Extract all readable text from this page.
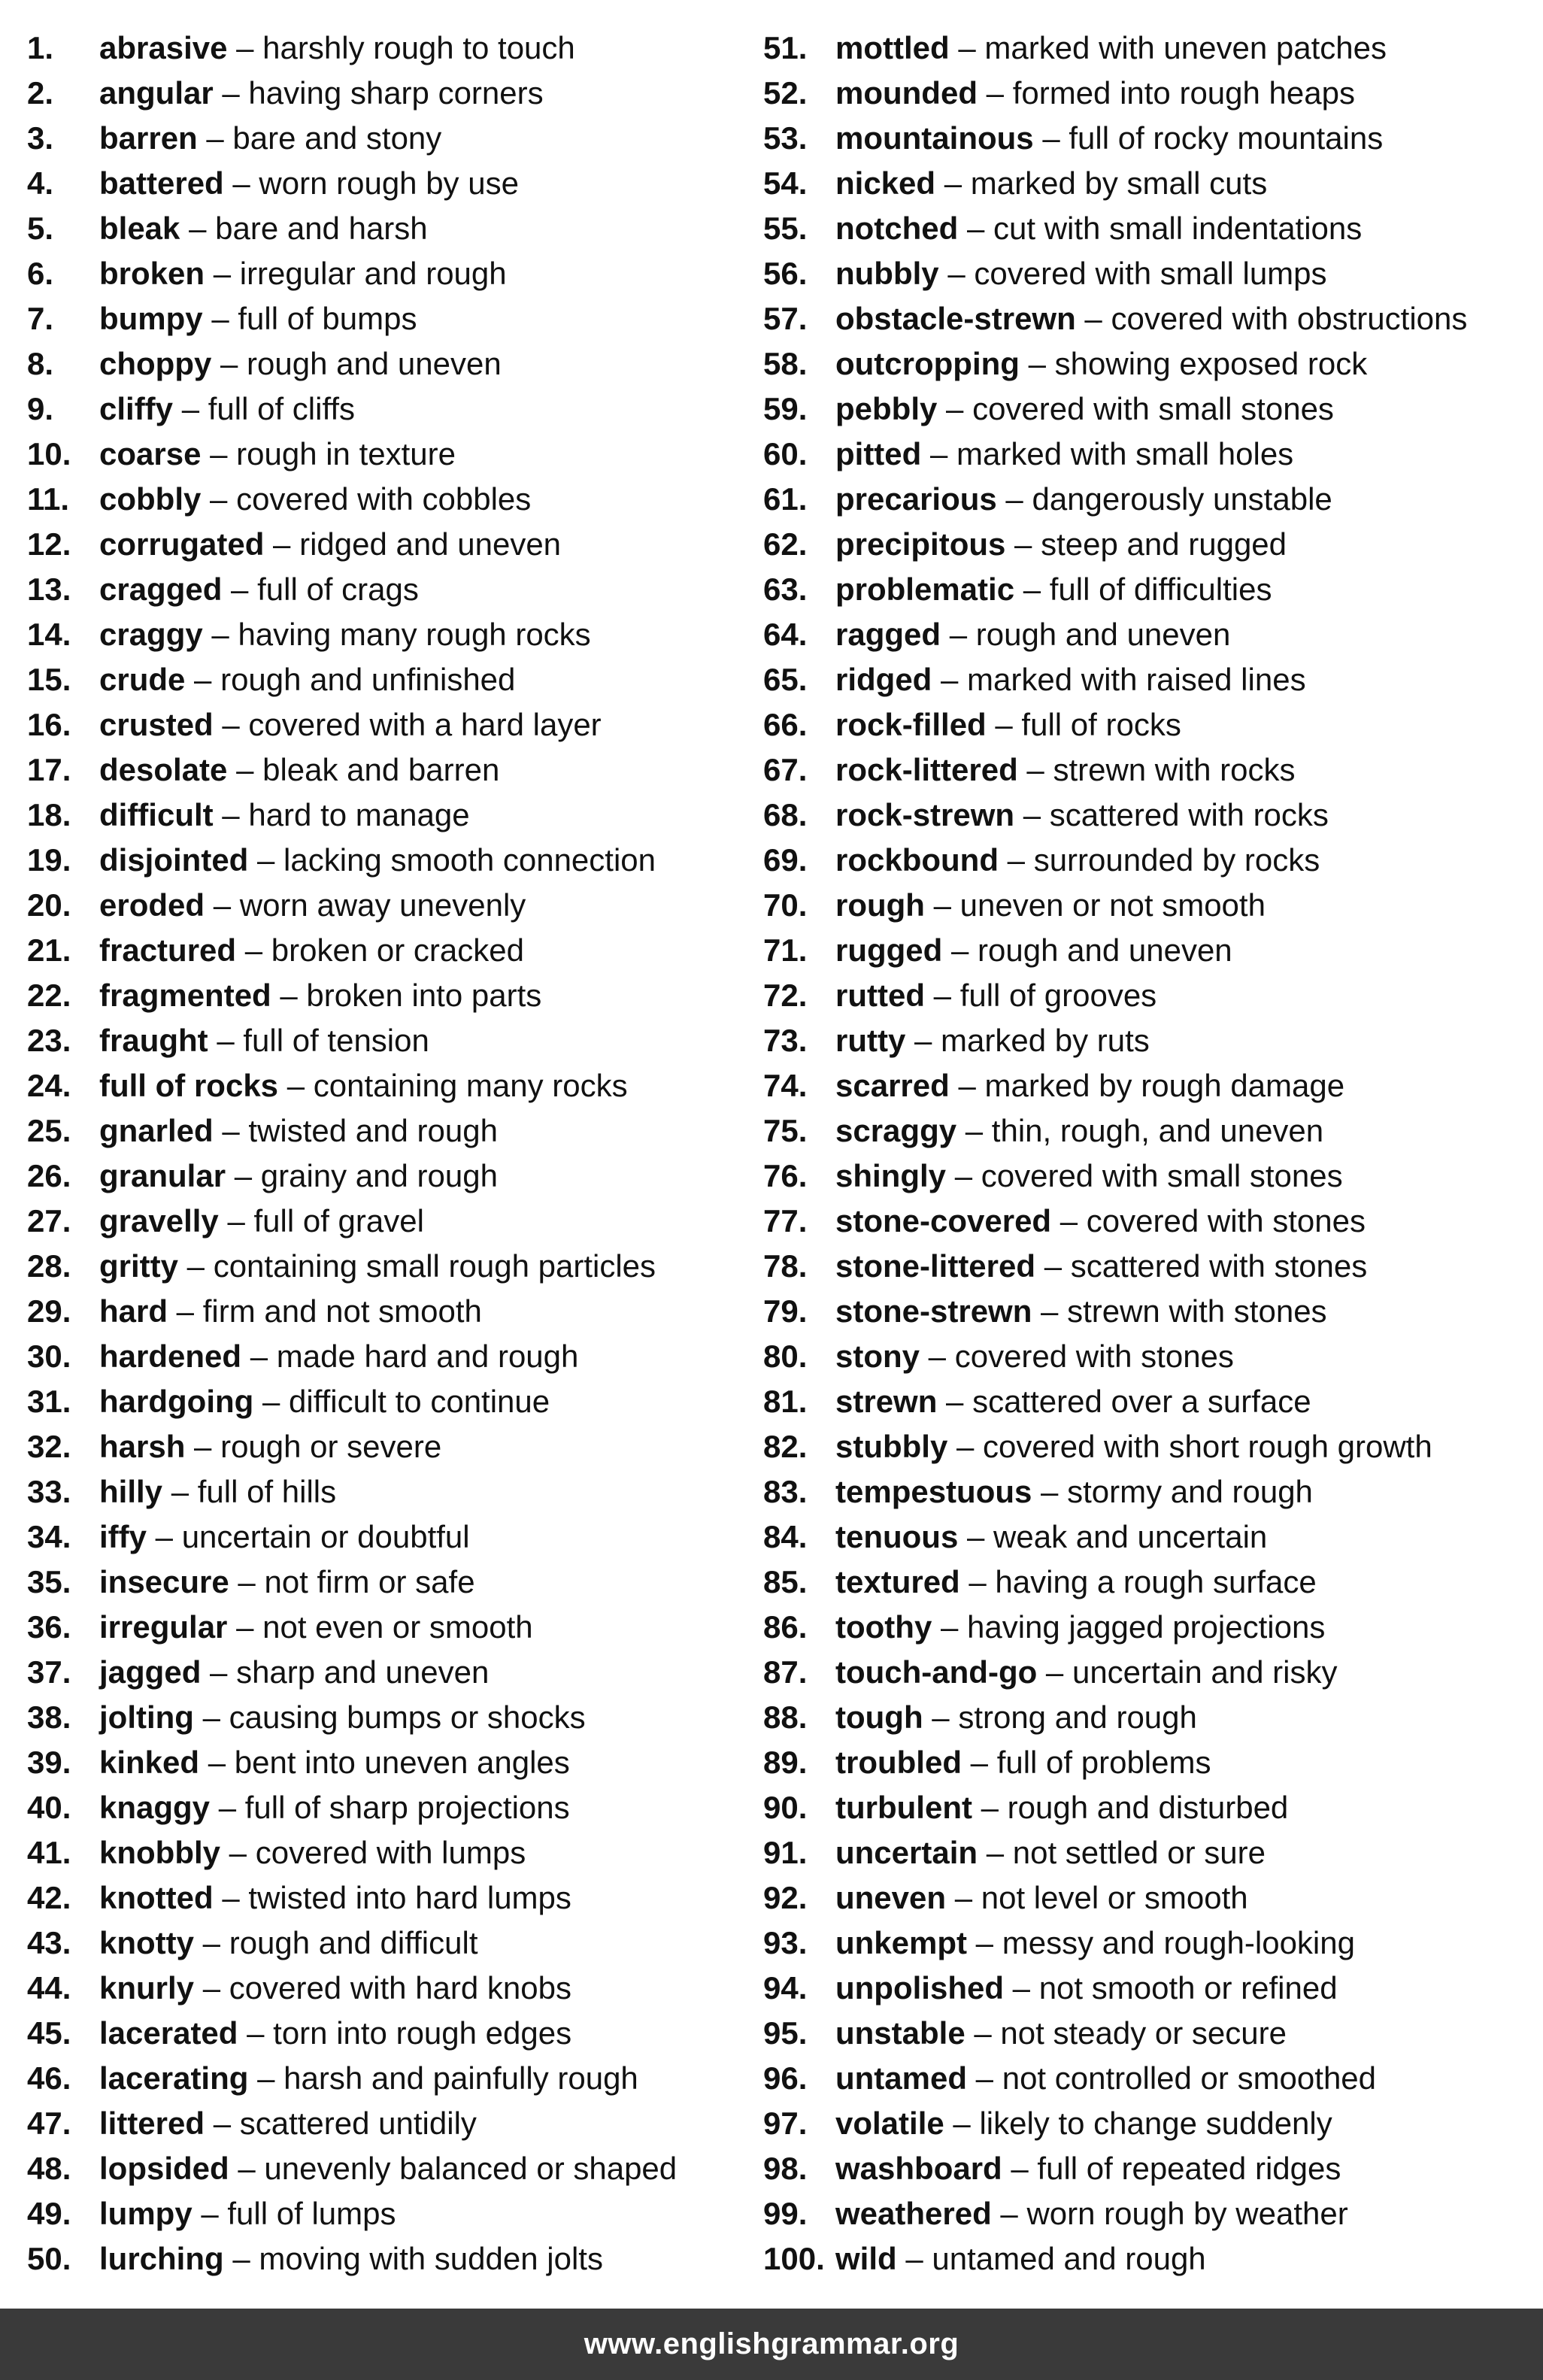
1.	abrasive – harshly rough to touch
2.	angular – having sharp corners
3.	barren – bare and stony
4.	battered – worn rough by use
5.	bleak – bare and harsh
6.	broken – irregular and rough
7.	bumpy – full of bumps
8.	choppy – rough and uneven
9.	cliffy – full of cliffs
10. coarse – rough in texture
11. cobbly – covered with cobbles
12. corrugated – ridged and uneven
13. cragged – full of crags
14. craggy – having many rough rocks
15. crude – rough and unfinished
16. crusted – covered with a hard layer
17. desolate – bleak and barren
18. difficult – hard to manage
19. disjointed – lacking smooth connection
20. eroded – worn away unevenly
21. fractured – broken or cracked
22. fragmented – broken into parts
23. fraught – full of tension
24. full of rocks – containing many rocks
25. gnarled – twisted and rough
26. granular – grainy and rough
27. gravelly – full of gravel
28. gritty – containing small rough particles
29. hard – firm and not smooth
30. hardened – made hard and rough
31. hardgoing – difficult to continue
32. harsh – rough or severe
33. hilly – full of hills
34. iffy – uncertain or doubtful
35. insecure – not firm or safe
36. irregular – not even or smooth
37. jagged – sharp and uneven
38. jolting – causing bumps or shocks
39. kinked – bent into uneven angles
40. knaggy – full of sharp projections
41. knobbly – covered with lumps
42. knotted – twisted into hard lumps
43. knotty – rough and difficult
44. knurly – covered with hard knobs
45. lacerated – torn into rough edges
46. lacerating – harsh and painfully rough
47. littered – scattered untidily
48. lopsided – unevenly balanced or shaped
49. lumpy – full of lumps
50. lurching – moving with sudden jolts
51. mottled – marked with uneven patches
52. mounded – formed into rough heaps
53. mountainous – full of rocky mountains
54. nicked – marked by small cuts
55. notched – cut with small indentations
56. nubbly – covered with small lumps
57. obstacle-strewn – covered with obstructions
58. outcropping – showing exposed rock
59. pebbly – covered with small stones
60. pitted – marked with small holes
61. precarious – dangerously unstable
62. precipitous – steep and rugged
63. problematic – full of difficulties
64. ragged – rough and uneven
65. ridged – marked with raised lines
66. rock-filled – full of rocks
67. rock-littered – strewn with rocks
68. rock-strewn – scattered with rocks
69. rockbound – surrounded by rocks
70. rough – uneven or not smooth
71. rugged – rough and uneven
72. rutted – full of grooves
73. rutty – marked by ruts
74. scarred – marked by rough damage
75. scraggy – thin, rough, and uneven
76. shingly – covered with small stones
77. stone-covered – covered with stones
78. stone-littered – scattered with stones
79. stone-strewn – strewn with stones
80. stony – covered with stones
81. strewn – scattered over a surface
82. stubbly – covered with short rough growth
83. tempestuous – stormy and rough
84. tenuous – weak and uncertain
85. textured – having a rough surface
86. toothy – having jagged projections
87. touch-and-go – uncertain and risky
88. tough – strong and rough
89. troubled – full of problems
90. turbulent – rough and disturbed
91. uncertain – not settled or sure
92. uneven – not level or smooth
93. unkempt – messy and rough-looking
94. unpolished – not smooth or refined
95. unstable – not steady or secure
96. untamed – not controlled or smoothed
97. volatile – likely to change suddenly
98. washboard – full of repeated ridges
99. weathered – worn rough by weather
100. wild – untamed and rough
www.englishgrammar.org
